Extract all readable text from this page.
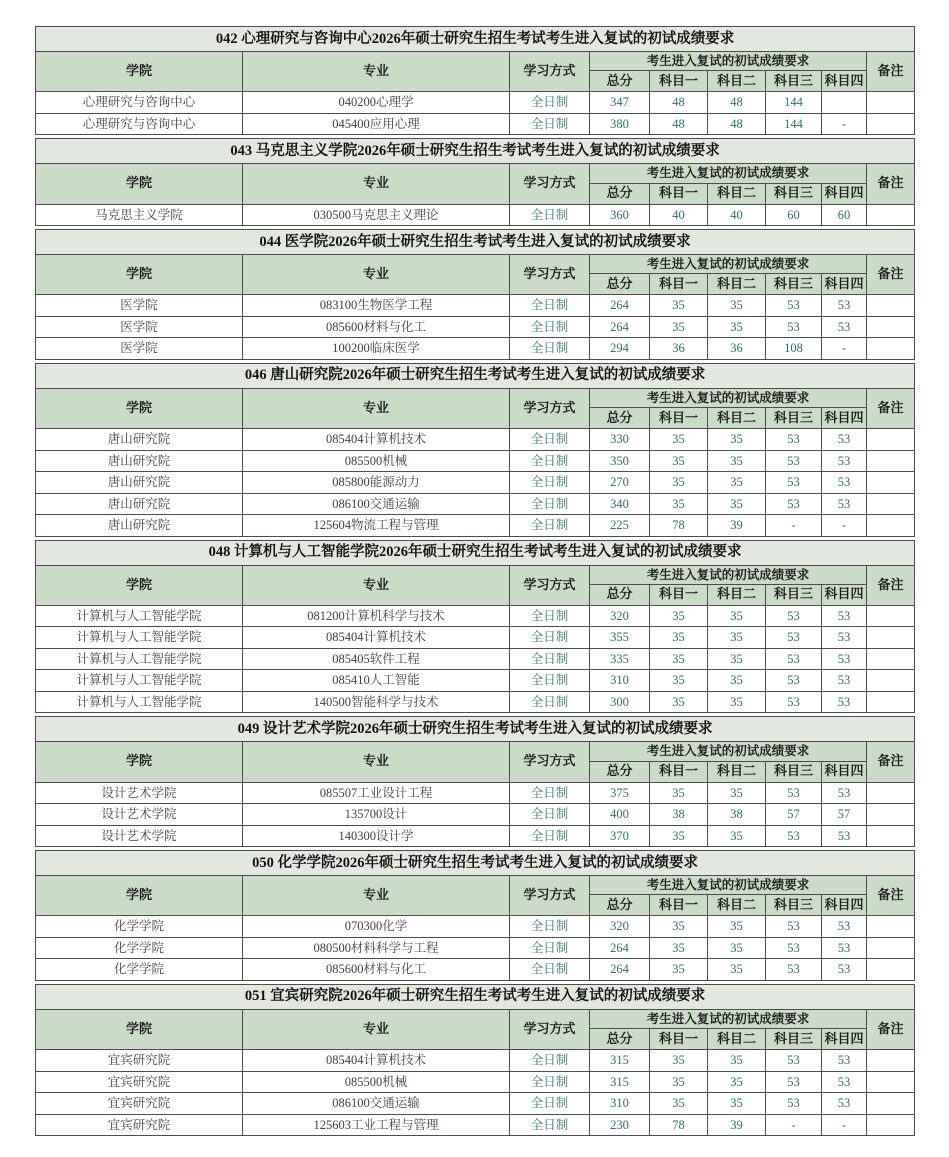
042 心理研究与咨询中心2026年硕士研究生招生考试考生进入复试的初试成绩要求								
学院	专业	学习方式	考生进入复试的初试成绩要求					备注
			总分	科目一	科目二	科目三	科目四	
心理研究与咨询中心	040200心理学	全日制	347	48	48	144		
心理研究与咨询中心	045400应用心理	全日制	380	48	48	144	-	
043 马克思主义学院2026年硕士研究生招生考试考生进入复试的初试成绩要求								
学院	专业	学习方式	考生进入复试的初试成绩要求					备注
			总分	科目一	科目二	科目三	科目四	
马克思主义学院	030500马克思主义理论	全日制	360	40	40	60	60	
044 医学院2026年硕士研究生招生考试考生进入复试的初试成绩要求								
学院	专业	学习方式	考生进入复试的初试成绩要求					备注
			总分	科目一	科目二	科目三	科目四	
医学院	083100生物医学工程	全日制	264	35	35	53	53	
医学院	085600材料与化工	全日制	264	35	35	53	53	
医学院	100200临床医学	全日制	294	36	36	108	-	
046 唐山研究院2026年硕士研究生招生考试考生进入复试的初试成绩要求								
学院	专业	学习方式	考生进入复试的初试成绩要求					备注
			总分	科目一	科目二	科目三	科目四	
唐山研究院	085404计算机技术	全日制	330	35	35	53	53	
唐山研究院	085500机械	全日制	350	35	35	53	53	
唐山研究院	085800能源动力	全日制	270	35	35	53	53	
唐山研究院	086100交通运输	全日制	340	35	35	53	53	
唐山研究院	125604物流工程与管理	全日制	225	78	39	-	-	
048 计算机与人工智能学院2026年硕士研究生招生考试考生进入复试的初试成绩要求								
学院	专业	学习方式	考生进入复试的初试成绩要求					备注
			总分	科目一	科目二	科目三	科目四	
计算机与人工智能学院	081200计算机科学与技术	全日制	320	35	35	53	53	
计算机与人工智能学院	085404计算机技术	全日制	355	35	35	53	53	
计算机与人工智能学院	085405软件工程	全日制	335	35	35	53	53	
计算机与人工智能学院	085410人工智能	全日制	310	35	35	53	53	
计算机与人工智能学院	140500智能科学与技术	全日制	300	35	35	53	53	
049 设计艺术学院2026年硕士研究生招生考试考生进入复试的初试成绩要求								
学院	专业	学习方式	考生进入复试的初试成绩要求					备注
			总分	科目一	科目二	科目三	科目四	
设计艺术学院	085507工业设计工程	全日制	375	35	35	53	53	
设计艺术学院	135700设计	全日制	400	38	38	57	57	
设计艺术学院	140300设计学	全日制	370	35	35	53	53	
050 化学学院2026年硕士研究生招生考试考生进入复试的初试成绩要求								
学院	专业	学习方式	考生进入复试的初试成绩要求					备注
			总分	科目一	科目二	科目三	科目四	
化学学院	070300化学	全日制	320	35	35	53	53	
化学学院	080500材料科学与工程	全日制	264	35	35	53	53	
化学学院	085600材料与化工	全日制	264	35	35	53	53	
051 宜宾研究院2026年硕士研究生招生考试考生进入复试的初试成绩要求								
学院	专业	学习方式	考生进入复试的初试成绩要求					备注
			总分	科目一	科目二	科目三	科目四	
宜宾研究院	085404计算机技术	全日制	315	35	35	53	53	
宜宾研究院	085500机械	全日制	315	35	35	53	53	
宜宾研究院	086100交通运输	全日制	310	35	35	53	53	
宜宾研究院	125603工业工程与管理	全日制	230	78	39	-	-	
